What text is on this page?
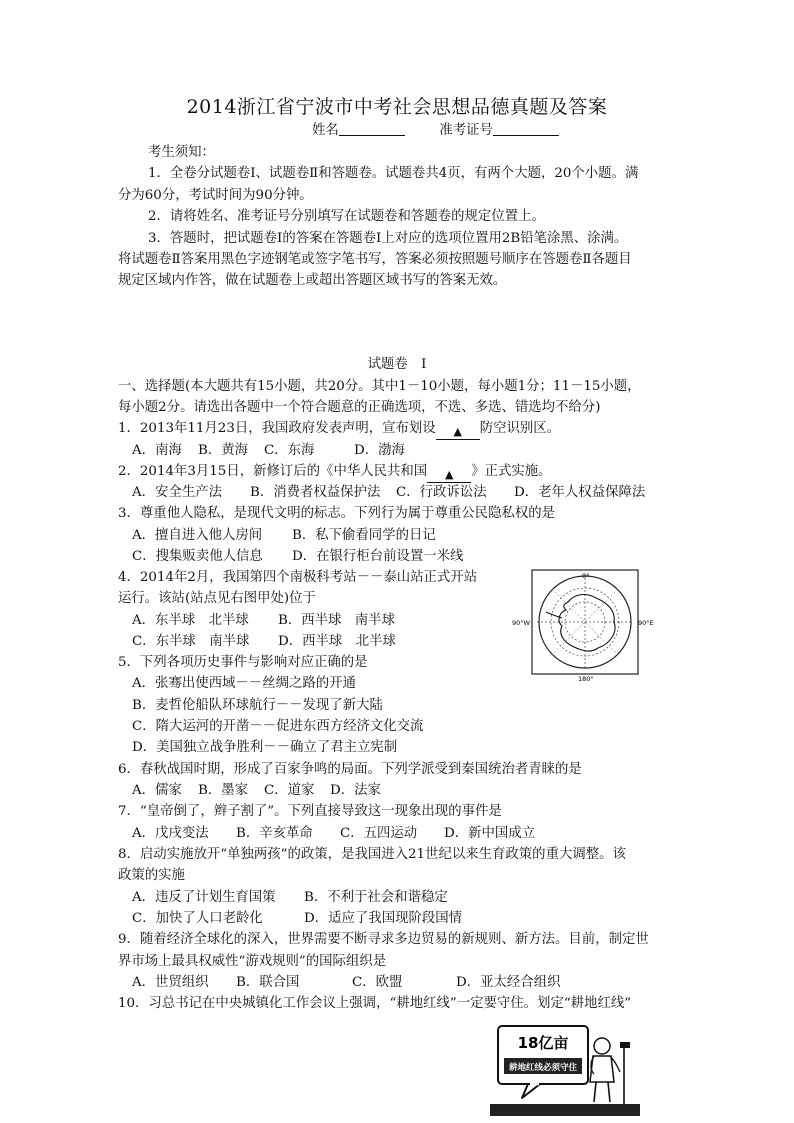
2014浙江省宁波市中考社会思想品德真题及答案
姓名	准考证号
考生须知：
1．全卷分试题卷Ⅰ、试题卷Ⅱ和答题卷。试题卷共4页，有两个大题，20个小题。满
分为60分，考试时间为90分钟。
2．请将姓名、准考证号分别填写在试题卷和答题卷的规定位置上。
3．答题时，把试题卷Ⅰ的答案在答题卷Ⅰ上对应的选项位置用2B铅笔涂黑、涂满。
将试题卷Ⅱ答案用黑色字迹钢笔或签字笔书写，答案必须按照题号顺序在答题卷Ⅱ各题目
规定区域内作答，做在试题卷上或超出答题区域书写的答案无效。
试题卷　Ⅰ
一、选择题(本大题共有15小题，共20分。其中1－10小题，每小题1分；11－15小题，
每小题2分。请选出各题中一个符合题意的正确选项，不选、多选、错选均不给分)
1．2013年11月23日，我国政府发表声明，宣布划设 ▲ 防空识别区。
A．南海 B．黄海 C．东海	D．渤海
2．2014年3月15日，新修订后的《中华人民共和国 ▲ 》正式实施。
A．安全生产法 B．消费者权益保护法 C．行政诉讼法 D．老年人权益保障法
3．尊重他人隐私，是现代文明的标志。下列行为属于尊重公民隐私权的是
A．擅自进入他人房间 B．私下偷看同学的日记
C．搜集贩卖他人信息 D．在银行柜台前设置一米线
4．2014年2月，我国第四个南极科考站－－泰山站正式开站
运行。该站(站点见右图甲处)位于
A．东半球　北半球 B．西半球　南半球
C．东半球　南半球 D．西半球　北半球
0°
90°W	90°E
180°
5．下列各项历史事件与影响对应正确的是
A．张骞出使西域－－丝绸之路的开通
B．麦哲伦船队环球航行－－发现了新大陆
C．隋大运河的开凿－－促进东西方经济文化交流
D．美国独立战争胜利－－确立了君主立宪制
6．春秋战国时期，形成了百家争鸣的局面。下列学派受到秦国统治者青睐的是
A．儒家 B．墨家 C．道家 D．法家
7．“皇帝倒了，辫子割了”。下列直接导致这一现象出现的事件是
A．戊戌变法 B．辛亥革命 C．五四运动 D．新中国成立
8．启动实施放开“单独两孩”的政策，是我国进入21世纪以来生育政策的重大调整。该
政策的实施
A．违反了计划生育国策 B．不利于社会和谐稳定
C．加快了人口老龄化	D．适应了我国现阶段国情
9．随着经济全球化的深入，世界需要不断寻求多边贸易的新规则、新方法。目前，制定世
界市场上最具权威性“游戏规则”的国际组织是
A．世贸组织 B．联合国	C．欧盟	D．亚太经合组织
10．习总书记在中央城镇化工作会议上强调，“耕地红线”一定要守住。划定“耕地红线”
18亿亩
耕地红线必须守住
